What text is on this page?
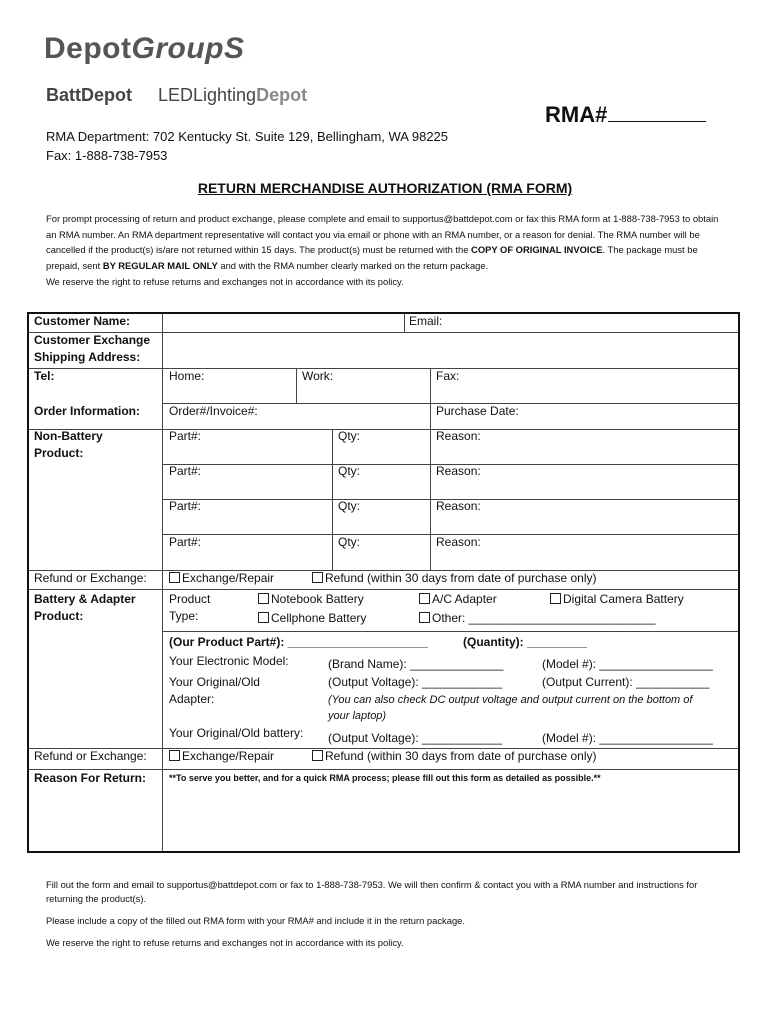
DepotGroupS
BattDepot LEDLightingDepot
RMA#
RMA Department: 702 Kentucky St. Suite 129, Bellingham, WA 98225
Fax: 1-888-738-7953
RETURN MERCHANDISE AUTHORIZATION (RMA FORM)
For prompt processing of return and product exchange, please complete and email to supportus@battdepot.com or fax this RMA form at 1-888-738-7953 to obtain an RMA number. An RMA department representative will contact you via email or phone with an RMA number, or a reason for denial. The RMA number will be cancelled if the product(s) is/are not returned within 15 days. The product(s) must be returned with the COPY OF ORIGINAL INVOICE. The package must be prepaid, sent BY REGULAR MAIL ONLY and with the RMA number clearly marked on the return package.
We reserve the right to refuse returns and exchanges not in accordance with its policy.
Customer Name:	Email:
Customer Exchange
Shipping Address:
Tel:	Home:	Work:	Fax:
Order Information: Order#/Invoice#:	Purchase Date:
Non-Battery
Product:
Part#:	Qty:	Reason:
Part#:	Qty:	Reason:
Part#:	Qty:	Reason:
Part#:	Qty:	Reason:
Refund or Exchange:	Exchange/Repair	Refund (within 30 days from date of purchase only)
Battery & Adapter
Product:
Product
Type:
Notebook Battery	A/C Adapter	Digital Camera Battery
Cellphone Battery	Other: ____________________________
(Our Product Part#): _____________________	(Quantity): _________
Your Electronic Model:	(Brand Name): ______________	(Model #): _________________
Your Original/Old
Adapter:
(Output Voltage): ____________	(Output Current): ___________
(You can also check DC output voltage and output current on the bottom of
your laptop)
Your Original/Old battery: (Output Voltage): ____________	(Model #): _________________
Refund or Exchange:	Exchange/Repair	Refund (within 30 days from date of purchase only)
Reason For Return:	**To serve you better, and for a quick RMA process; please fill out this form as detailed as possible.**
Fill out the form and email to supportus@battdepot.com or fax to 1-888-738-7953. We will then confirm & contact you with a RMA number and instructions for returning the product(s).
Please include a copy of the filled out RMA form with your RMA# and include it in the return package.
We reserve the right to refuse returns and exchanges not in accordance with its policy.
